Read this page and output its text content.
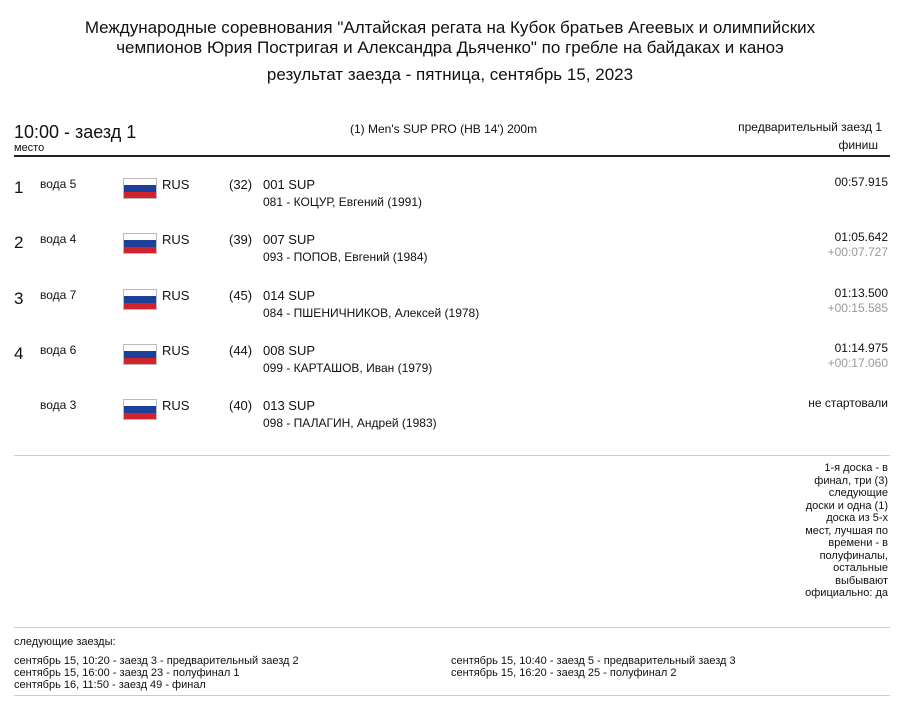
Международные соревнования "Алтайская регата на Кубок братьев Агеевых и олимпийских
чемпионов Юрия Постригая и Александра Дьяченко" по гребле на байдаках и каноэ
результат заезда - пятница, сентябрь 15, 2023
10:00 - заезд 1
место
(1) Men's SUP PRO (HB 14') 200m	предварительный заезд 1
финиш
1 вода 5	RUS	(32) 001 SUP
081 - КОЦУР, Евгений (1991)
00:57.915
2 вода 4	RUS	(39) 007 SUP
093 - ПОПОВ, Евгений (1984)
01:05.642
+00:07.727
3 вода 7	RUS	(45) 014 SUP
084 - ПШЕНИЧНИКОВ, Алексей (1978)
01:13.500
+00:15.585
4 вода 6	RUS	(44) 008 SUP
099 - КАРТАШОВ, Иван (1979)
01:14.975
+00:17.060
вода 3	RUS	(40) 013 SUP
098 - ПАЛАГИН, Андрей (1983)
не стартовали
1-я доска - в финал, три (3) следующие доски и одна (1) доска из 5-х мест, лучшая по времени - в полуфиналы, остальные выбывают
официально: да
следующие заезды:
сентябрь 15, 10:20 - заезд 3 - предварительный заезд 2	сентябрь 15, 10:40 - заезд 5 - предварительный заезд 3
сентябрь 15, 16:00 - заезд 23 - полуфинал 1	сентябрь 15, 16:20 - заезд 25 - полуфинал 2
сентябрь 16, 11:50 - заезд 49 - финал
